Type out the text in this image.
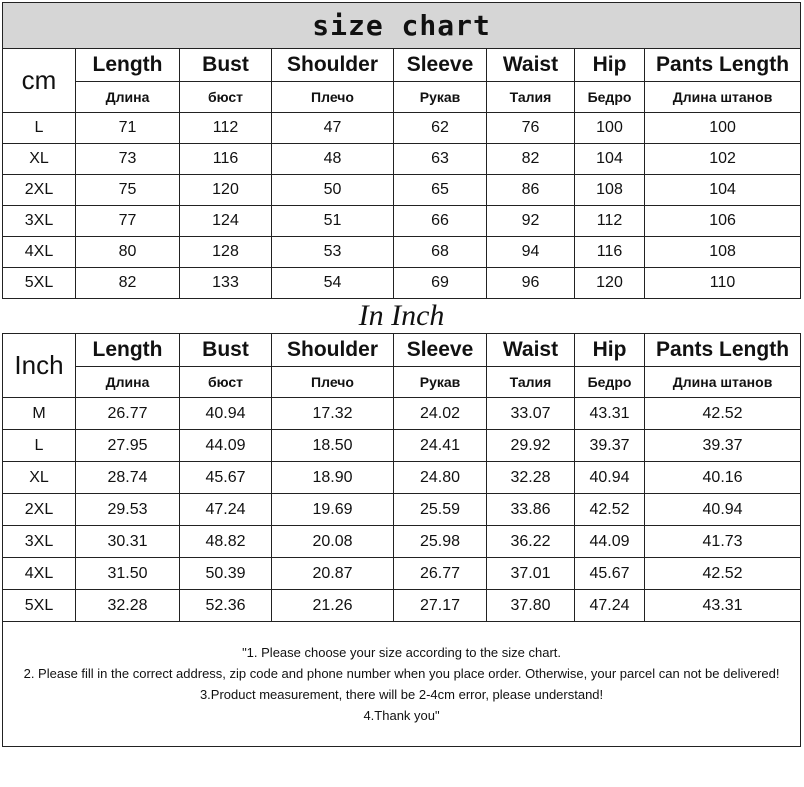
size chart							
cm	Length	Bust	Shoulder	Sleeve	Waist	Hip	Pants Length
	Длина	бюст	Плечо	Рукав	Талия	Бедро	Длина штанов
L	71	112	47	62	76	100	100
XL	73	116	48	63	82	104	102
2XL	75	120	50	65	86	108	104
3XL	77	124	51	66	92	112	106
4XL	80	128	53	68	94	116	108
5XL	82	133	54	69	96	120	110
In Inch							
Inch	Length	Bust	Shoulder	Sleeve	Waist	Hip	Pants Length
	Длина	бюст	Плечо	Рукав	Талия	Бедро	Длина штанов
M	26.77	40.94	17.32	24.02	33.07	43.31	42.52
L	27.95	44.09	18.50	24.41	29.92	39.37	39.37
XL	28.74	45.67	18.90	24.80	32.28	40.94	40.16
2XL	29.53	47.24	19.69	25.59	33.86	42.52	40.94
3XL	30.31	48.82	20.08	25.98	36.22	44.09	41.73
4XL	31.50	50.39	20.87	26.77	37.01	45.67	42.52
5XL	32.28	52.36	21.26	27.17	37.80	47.24	43.31

"1. Please choose your size according to the size chart.
2. Please fill in the correct address, zip code and phone number when you place order. Otherwise, your parcel can not be delivered!
3.Product measurement, there will be 2-4cm error, please understand!
4.Thank you"							
